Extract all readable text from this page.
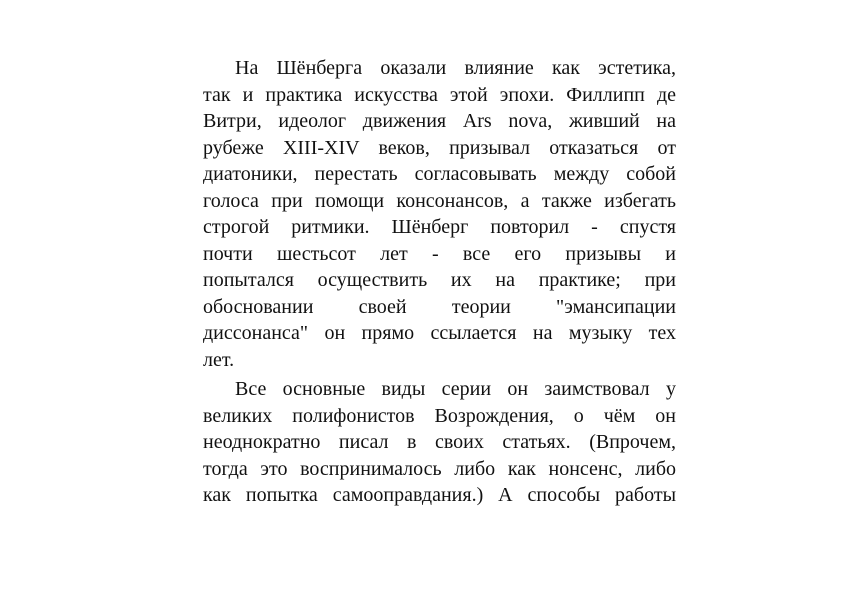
На Шёнберга оказали влияние как эстетика,
так и практика искусства этой эпохи. Филлипп де
Витри, идеолог движения Ars nova, живший на
рубеже XIII-XIV веков, призывал отказаться от
диатоники, перестать согласовывать между собой
голоса при помощи консонансов, а также избегать
строгой ритмики. Шёнберг повторил - спустя
почти шестьсот лет - все его призывы и
попытался осуществить их на практике; при
обосновании своей теории "эмансипации
диссонанса" он прямо ссылается на музыку тех
лет.

Все основные виды серии он заимствовал у
великих полифонистов Возрождения, о чём он
неоднократно писал в своих статьях. (Впрочем,
тогда это воспринималось либо как нонсенс, либо
как попытка самооправдания.) А способы работы
